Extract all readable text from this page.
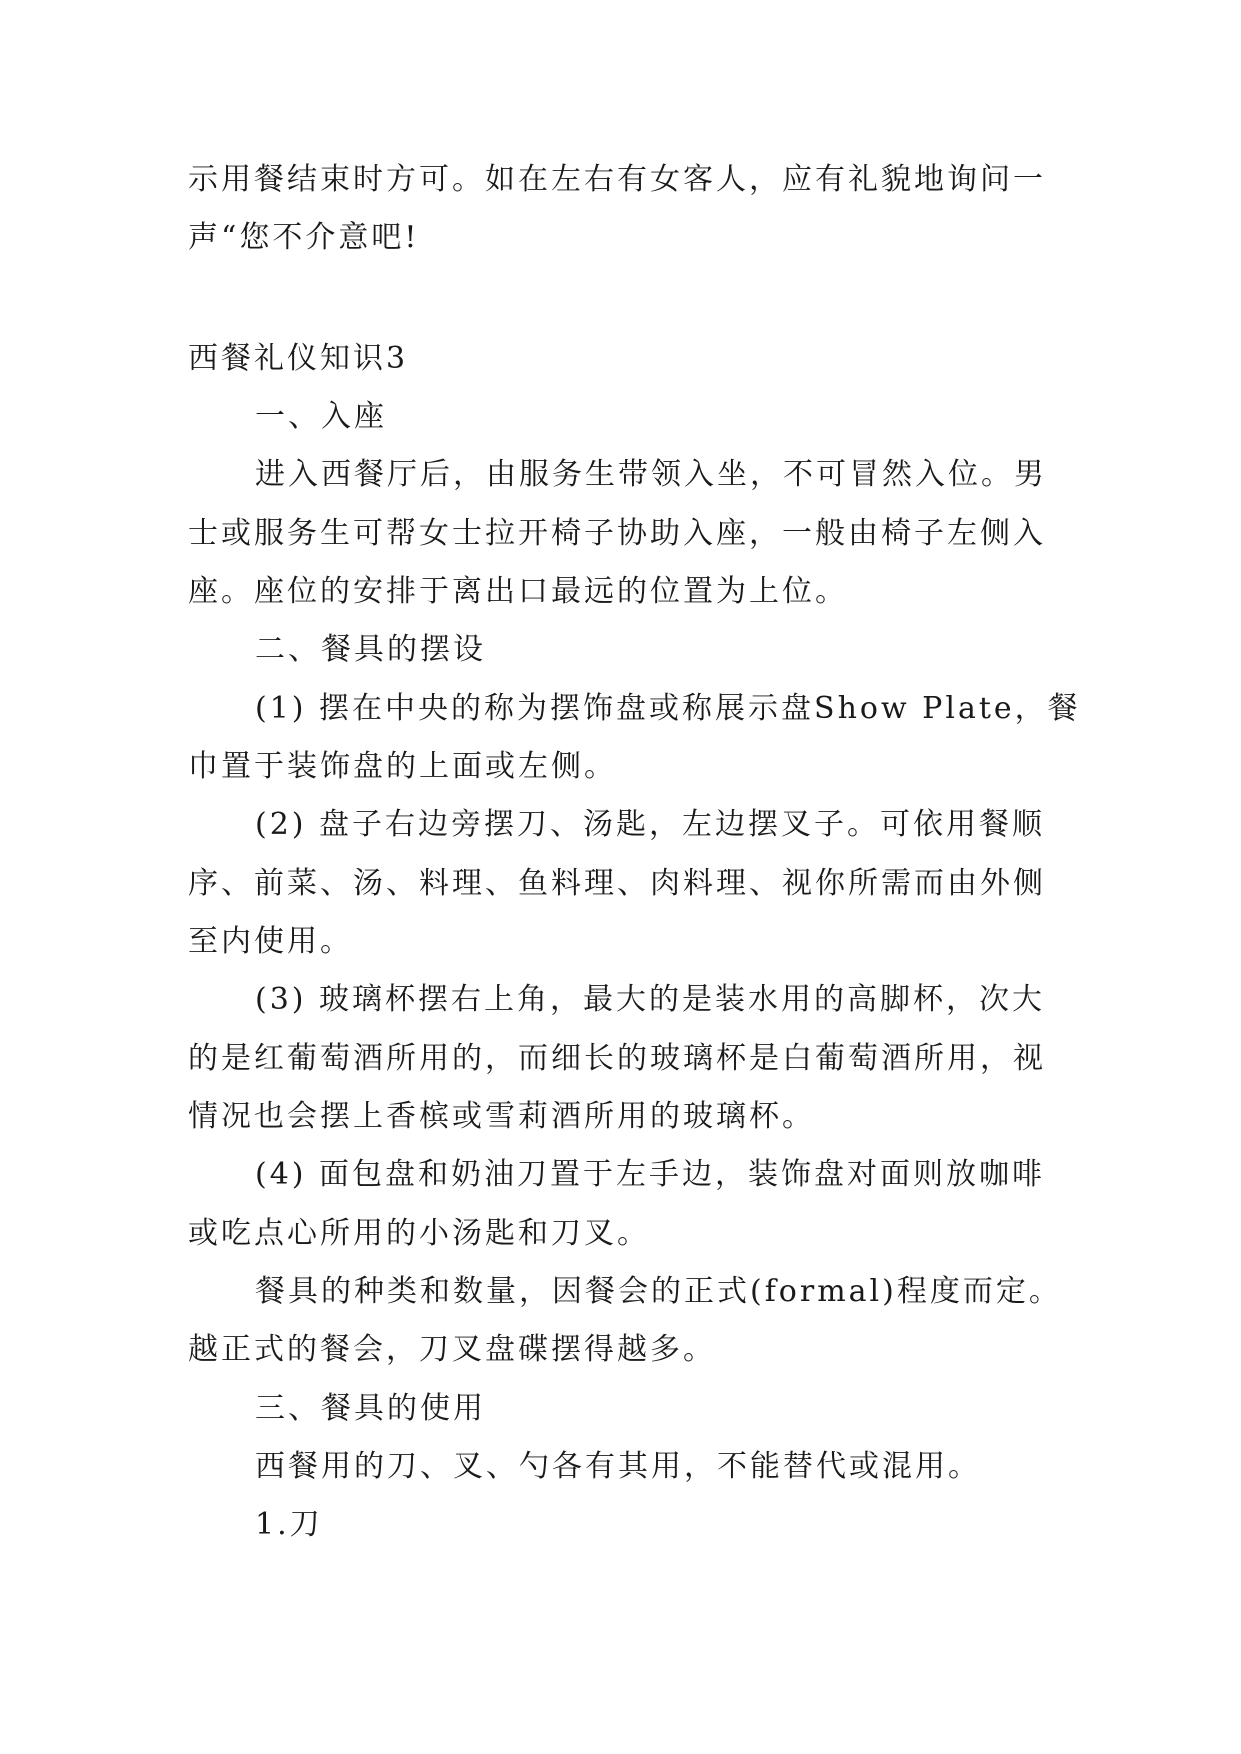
示用餐结束时方可。如在左右有女客人，应有礼貌地询问一
声“您不介意吧!
西餐礼仪知识3
一、入座
进入西餐厅后，由服务生带领入坐，不可冒然入位。男
士或服务生可帮女士拉开椅子协助入座，一般由椅子左侧入
座。座位的安排于离出口最远的位置为上位。
二、餐具的摆设
(1) 摆在中央的称为摆饰盘或称展示盘Show Plate，餐
巾置于装饰盘的上面或左侧。
(2) 盘子右边旁摆刀、汤匙，左边摆叉子。可依用餐顺
序、前菜、汤、料理、鱼料理、肉料理、视你所需而由外侧
至内使用。
(3) 玻璃杯摆右上角，最大的是装水用的高脚杯，次大
的是红葡萄酒所用的，而细长的玻璃杯是白葡萄酒所用，视
情况也会摆上香槟或雪莉酒所用的玻璃杯。
(4) 面包盘和奶油刀置于左手边，装饰盘对面则放咖啡
或吃点心所用的小汤匙和刀叉。
餐具的种类和数量，因餐会的正式(formal)程度而定。
越正式的餐会，刀叉盘碟摆得越多。
三、餐具的使用
西餐用的刀、叉、勺各有其用，不能替代或混用。
1.刀
